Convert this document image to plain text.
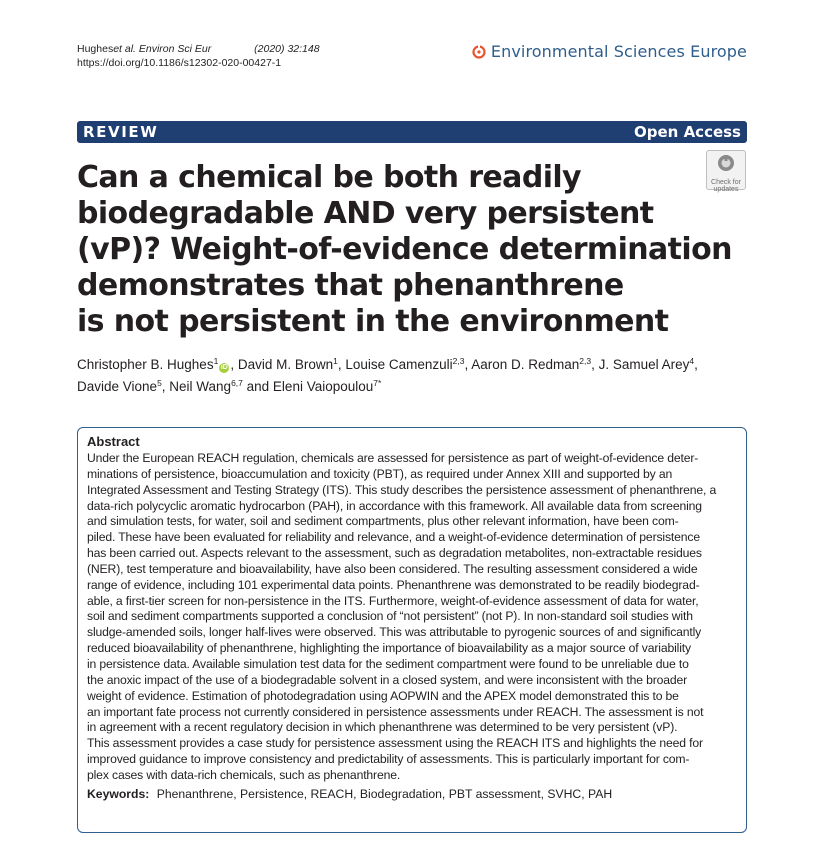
Hugheset al. Environ Sci Eur	(2020) 32:148
https://doi.org/10.1186/s12302-020-00427-1
Environmental Sciences Europe
REVIEW	Open Access
Check for
updates
Can a chemical be both readily
biodegradable AND very persistent
(vP)? Weight-of-evidence determination
demonstrates that phenanthrene
is not persistent in the environment
Christopher B. Hughes$^1$iD , David M. Brown$^1$, Louise Camenzuli$^{2,3}$, Aaron D. Redman$^{2,3}$, J. Samuel Arey$^4$,
Davide Vione$^5$, Neil Wang$^{6,7}$ and Eleni Vaiopoulou$^{7*}$
Abstract
Under the European REACH regulation, chemicals are assessed for persistence as part of weight-of-evidence deter-
minations of persistence, bioaccumulation and toxicity (PBT), as required under Annex XIII and supported by an
Integrated Assessment and Testing Strategy (ITS). This study describes the persistence assessment of phenanthrene, a
data-rich polycyclic aromatic hydrocarbon (PAH), in accordance with this framework. All available data from screening
and simulation tests, for water, soil and sediment compartments, plus other relevant information, have been com-
piled. These have been evaluated for reliability and relevance, and a weight-of-evidence determination of persistence
has been carried out. Aspects relevant to the assessment, such as degradation metabolites, non-extractable residues
(NER), test temperature and bioavailability, have also been considered. The resulting assessment considered a wide
range of evidence, including 101 experimental data points. Phenanthrene was demonstrated to be readily biodegrad-
able, a first-tier screen for non-persistence in the ITS. Furthermore, weight-of-evidence assessment of data for water,
soil and sediment compartments supported a conclusion of “not persistent” (not P). In non-standard soil studies with
sludge-amended soils, longer half-lives were observed. This was attributable to pyrogenic sources of and significantly
reduced bioavailability of phenanthrene, highlighting the importance of bioavailability as a major source of variability
in persistence data. Available simulation test data for the sediment compartment were found to be unreliable due to
the anoxic impact of the use of a biodegradable solvent in a closed system, and were inconsistent with the broader
weight of evidence. Estimation of photodegradation using AOPWIN and the APEX model demonstrated this to be
an important fate process not currently considered in persistence assessments under REACH. The assessment is not
in agreement with a recent regulatory decision in which phenanthrene was determined to be very persistent (vP).
This assessment provides a case study for persistence assessment using the REACH ITS and highlights the need for
improved guidance to improve consistency and predictability of assessments. This is particularly important for com-
plex cases with data-rich chemicals, such as phenanthrene.
Keywords: Phenanthrene, Persistence, REACH, Biodegradation, PBT assessment, SVHC, PAH
